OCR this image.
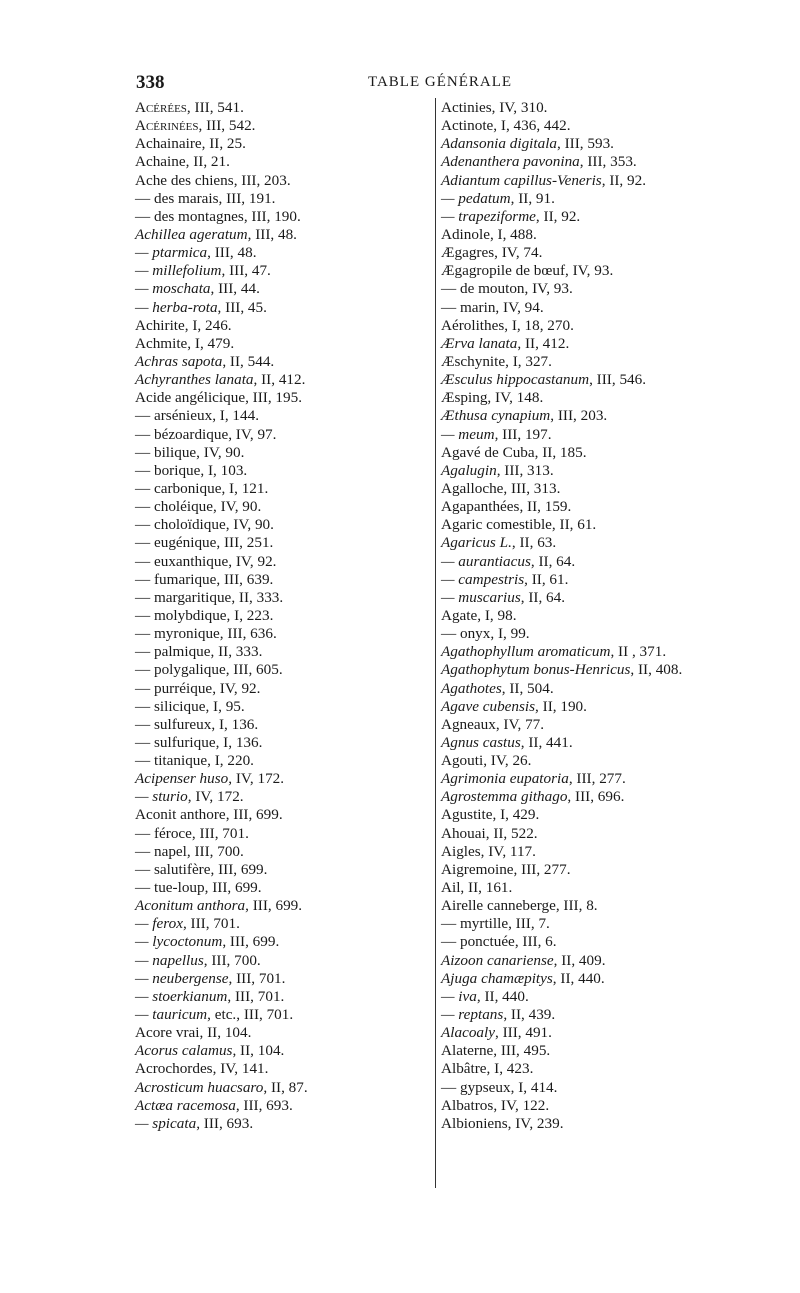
338	TABLE GÉNÉRALE
Acérées, III, 541.
Acérinées, III, 542.
Achainaire, II, 25.
Achaine, II, 21.
Ache des chiens, III, 203.
— des marais, III, 191.
— des montagnes, III, 190.
Achillea ageratum, III, 48.
— ptarmica, III, 48.
— millefolium, III, 47.
— moschata, III, 44.
— herba-rota, III, 45.
Achirite, I, 246.
Achmite, I, 479.
Achras sapota, II, 544.
Achyranthes lanata, II, 412.
Acide angélicique, III, 195.
— arsénieux, I, 144.
— bézoardique, IV, 97.
— bilique, IV, 90.
— borique, I, 103.
— carbonique, I, 121.
— choléique, IV, 90.
— choloïdique, IV, 90.
— eugénique, III, 251.
— euxanthique, IV, 92.
— fumarique, III, 639.
— margaritique, II, 333.
— molybdique, I, 223.
— myronique, III, 636.
— palmique, II, 333.
— polygalique, III, 605.
— purréique, IV, 92.
— silicique, I, 95.
— sulfureux, I, 136.
— sulfurique, I, 136.
— titanique, I, 220.
Acipenser huso, IV, 172.
— sturio, IV, 172.
Aconit anthore, III, 699.
— féroce, III, 701.
— napel, III, 700.
— salutifère, III, 699.
— tue-loup, III, 699.
Aconitum anthora, III, 699.
— ferox, III, 701.
— lycoctonum, III, 699.
— napellus, III, 700.
— neubergense, III, 701.
— stoerkianum, III, 701.
— tauricum, etc., III, 701.
Acore vrai, II, 104.
Acorus calamus, II, 104.
Acrochordes, IV, 141.
Acrosticum huacsaro, II, 87.
Actæa racemosa, III, 693.
— spicata, III, 693.
Actinies, IV, 310.
Actinote, I, 436, 442.
Adansonia digitala, III, 593.
Adenanthera pavonina, III, 353.
Adiantum capillus-Veneris, II, 92.
— pedatum, II, 91.
— trapeziforme, II, 92.
Adinole, I, 488.
Ægagres, IV, 74.
Ægagropile de bœuf, IV, 93.
— de mouton, IV, 93.
— marin, IV, 94.
Aérolithes, I, 18, 270.
Ærva lanata, II, 412.
Æschynite, I, 327.
Æsculus hippocastanum, III, 546.
Æsping, IV, 148.
Æthusa cynapium, III, 203.
— meum, III, 197.
Agavé de Cuba, II, 185.
Agalugin, III, 313.
Agalloche, III, 313.
Agapanthées, II, 159.
Agaric comestible, II, 61.
Agaricus L., II, 63.
— aurantiacus, II, 64.
— campestris, II, 61.
— muscarius, II, 64.
Agate, I, 98.
— onyx, I, 99.
Agathophyllum aromaticum, II , 371.
Agathophytum bonus-Henricus, II, 408.
Agathotes, II, 504.
Agave cubensis, II, 190.
Agneaux, IV, 77.
Agnus castus, II, 441.
Agouti, IV, 26.
Agrimonia eupatoria, III, 277.
Agrostemma githago, III, 696.
Agustite, I, 429.
Ahouai, II, 522.
Aigles, IV, 117.
Aigremoine, III, 277.
Ail, II, 161.
Airelle canneberge, III, 8.
— myrtille, III, 7.
— ponctuée, III, 6.
Aizoon canariense, II, 409.
Ajuga chamæpitys, II, 440.
— iva, II, 440.
— reptans, II, 439.
Alacoaly, III, 491.
Alaterne, III, 495.
Albâtre, I, 423.
— gypseux, I, 414.
Albatros, IV, 122.
Albioniens, IV, 239.
